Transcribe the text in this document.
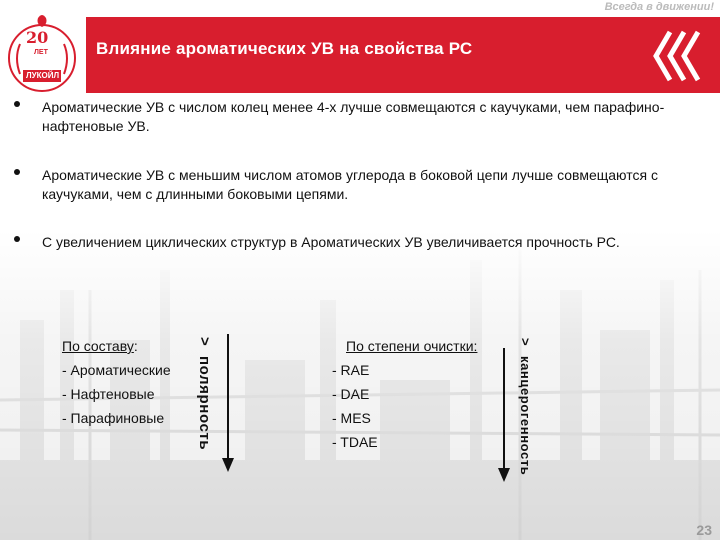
Всегда в движении!
Влияние ароматических УВ на свойства РС
20
ЛЕТ
ЛУКОЙЛ
Ароматические УВ с числом колец менее 4-х лучше совмещаются с каучуками, чем парафино-нафтеновые УВ.
Ароматические УВ с меньшим числом атомов углерода в боковой цепи лучше совмещаются с каучуками, чем с длинными боковыми цепями.
С увеличением циклических структур в Ароматических УВ увеличивается прочность РС.
По составу:
- Ароматические
- Нафтеновые
- Парафиновые
>
полярность
По степени очистки:
- RAE
- DAE
- MES
- TDAE
>
канцерогенность
23
